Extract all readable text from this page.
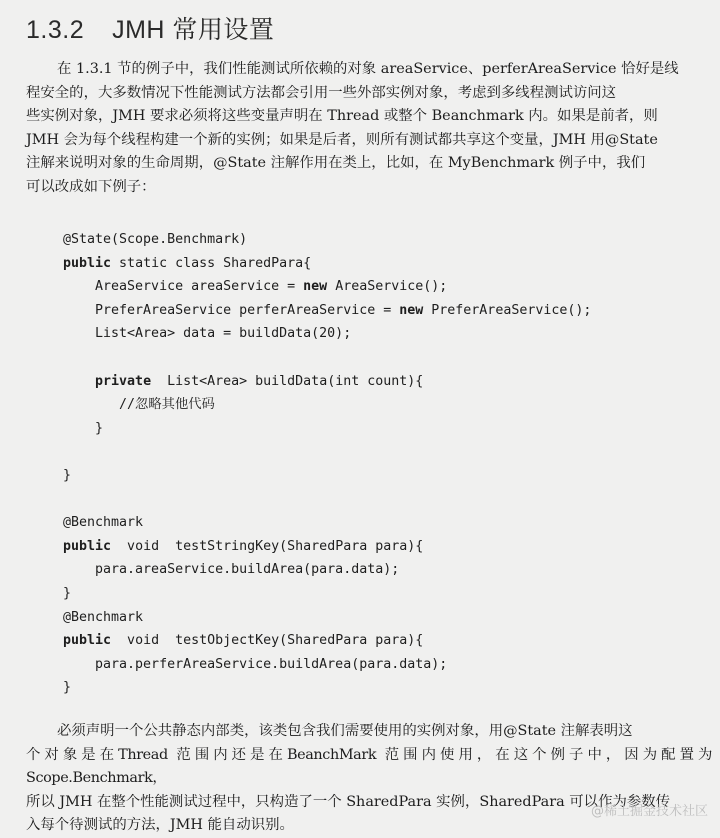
1.3.2 JMH 常用设置

在 1.3.1 节的例子中，我们性能测试所依赖的对象 areaService、perferAreaService 恰好是线

程安全的，大多数情况下性能测试方法都会引用一些外部实例对象，考虑到多线程测试访问这

些实例对象，JMH 要求必须将这些变量声明在 Thread 或整个 Beanchmark 内。如果是前者，则

JMH 会为每个线程构建一个新的实例；如果是后者，则所有测试都共享这个变量，JMH 用@State

注解来说明对象的生命周期，@State 注解作用在类上，比如，在 MyBenchmark 例子中，我们

可以改成如下例子：

@State(Scope.Benchmark)
public static class SharedPara{
AreaService areaService = new AreaService();
PreferAreaService perferAreaService = new PreferAreaService();
List<Area> data = buildData(20);
private  List<Area> buildData(int count){
//忽略其他代码
}
}
@Benchmark
public  void  testStringKey(SharedPara para){
para.areaService.buildArea(para.data);
}
@Benchmark
public  void  testObjectKey(SharedPara para){
para.perferAreaService.buildArea(para.data);
}

必须声明一个公共静态内部类，该类包含我们需要使用的实例对象，用@State 注解表明这

个对象是在Thread 范围内还是在BeanchMark 范围内使用，在这个例子中，因为配置为Scope.Benchmark，

所以 JMH 在整个性能测试过程中，只构造了一个 SharedPara 实例，SharedPara 可以作为参数传

入每个待测试的方法，JMH 能自动识别。

@稀土掘金技术社区
